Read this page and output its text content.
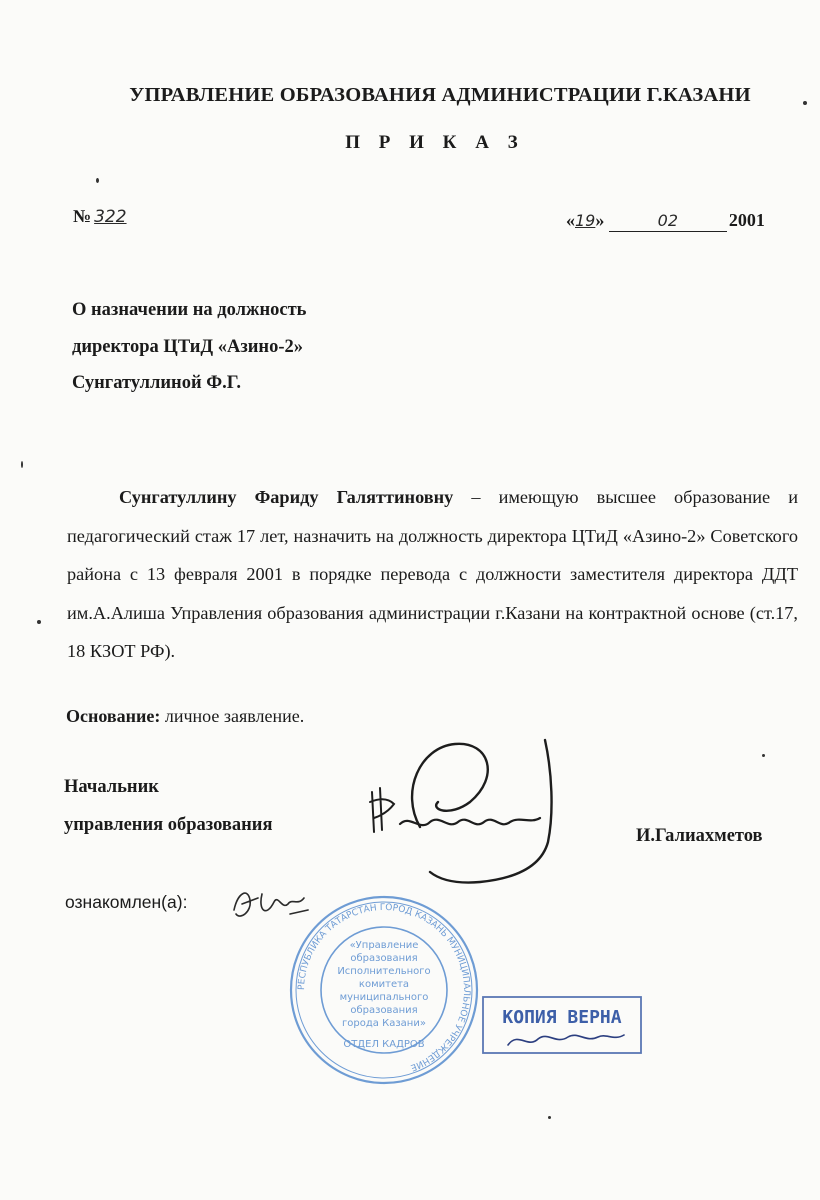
УПРАВЛЕНИЕ ОБРАЗОВАНИЯ АДМИНИСТРАЦИИ Г.КАЗАНИ
П Р И К А З
№ 322	«19»	02	2001
О назначении на должность
директора ЦТиД «Азино-2»
Сунгатуллиной Ф.Г.
Сунгатуллину Фариду Галяттиновну – имеющую высшее образование и педагогический стаж 17 лет, назначить на должность директора ЦТиД «Азино-2» Советского района с 13 февраля 2001 в порядке перевода с должности заместителя директора ДДТ им.А.Алиша Управления образования администрации г.Казани на контрактной основе (ст.17, 18 КЗОТ РФ).
Основание: личное заявление.
Начальник
управления образования
И.Галиахметов
ознакомлен(а):
РЕСПУБЛИКА ТАТАРСТАН ГОРОД КАЗАНЬ МУНИЦИПАЛЬНОЕ УЧРЕЖДЕНИЕ
«Управление
образования
Исполнительного
комитета
муниципального
образования
города Казани»
ОТДЕЛ КАДРОВ
КОПИЯ ВЕРНА
